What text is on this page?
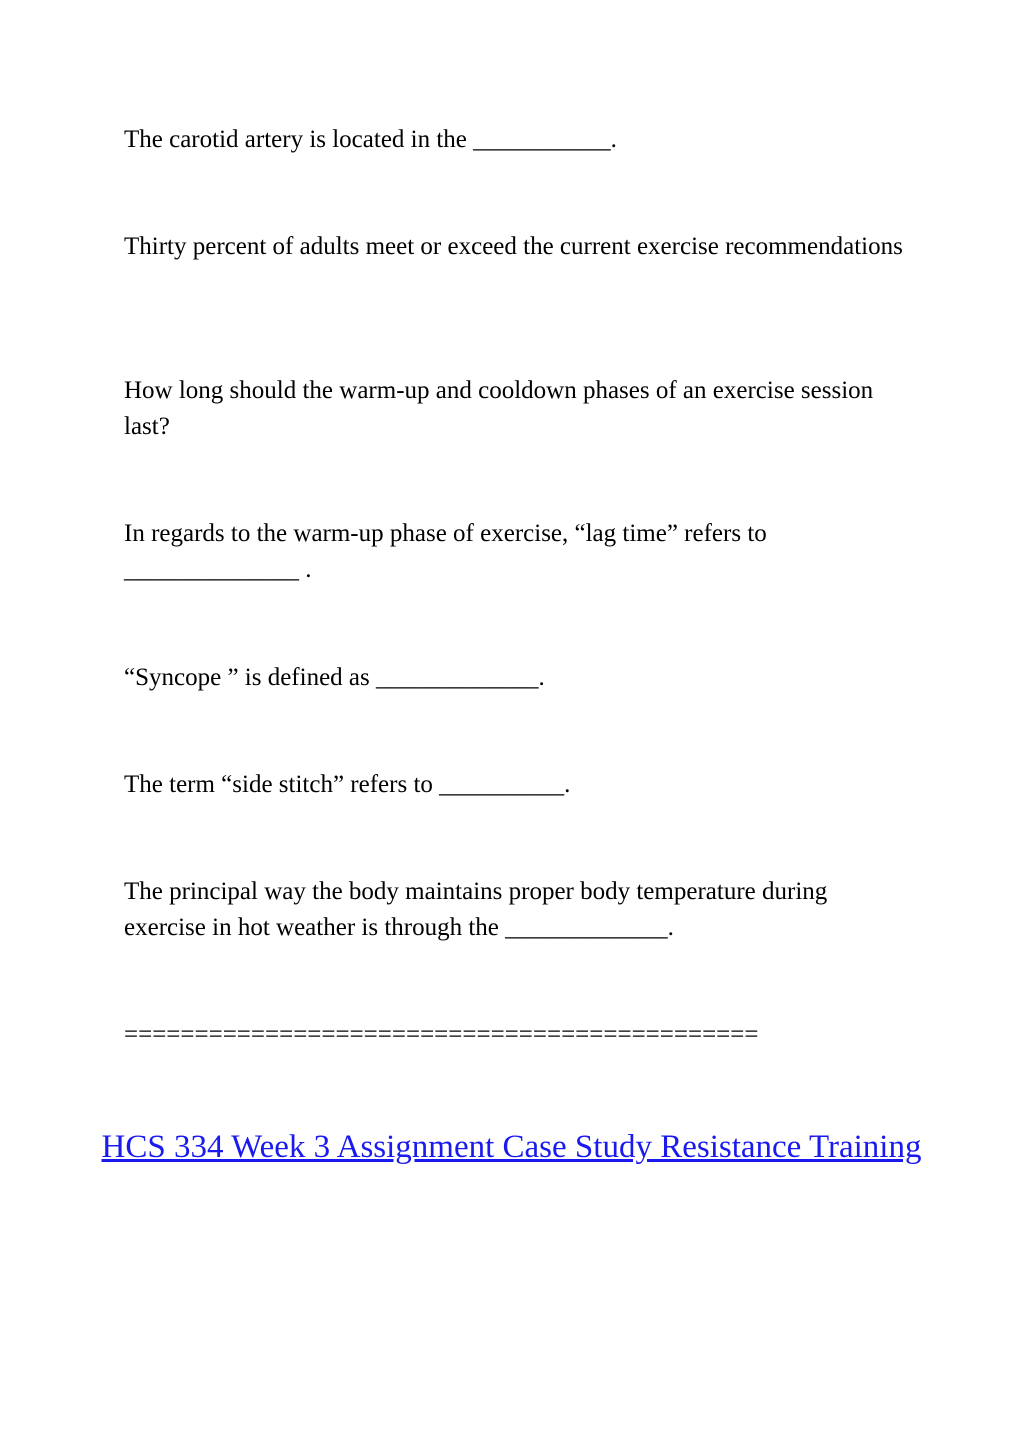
The carotid artery is located in the ___________.

Thirty percent of adults meet or exceed the current exercise recommendations

How long should the warm-up and cooldown phases of an exercise session last?

In regards to the warm-up phase of exercise, “lag time” refers to ______________ .

“Syncope ” is defined as _____________.

The term “side stitch” refers to __________.

The principal way the body maintains proper body temperature during exercise in hot weather is through the _____________.

=============================================

HCS 334 Week 3 Assignment Case Study Resistance Training
